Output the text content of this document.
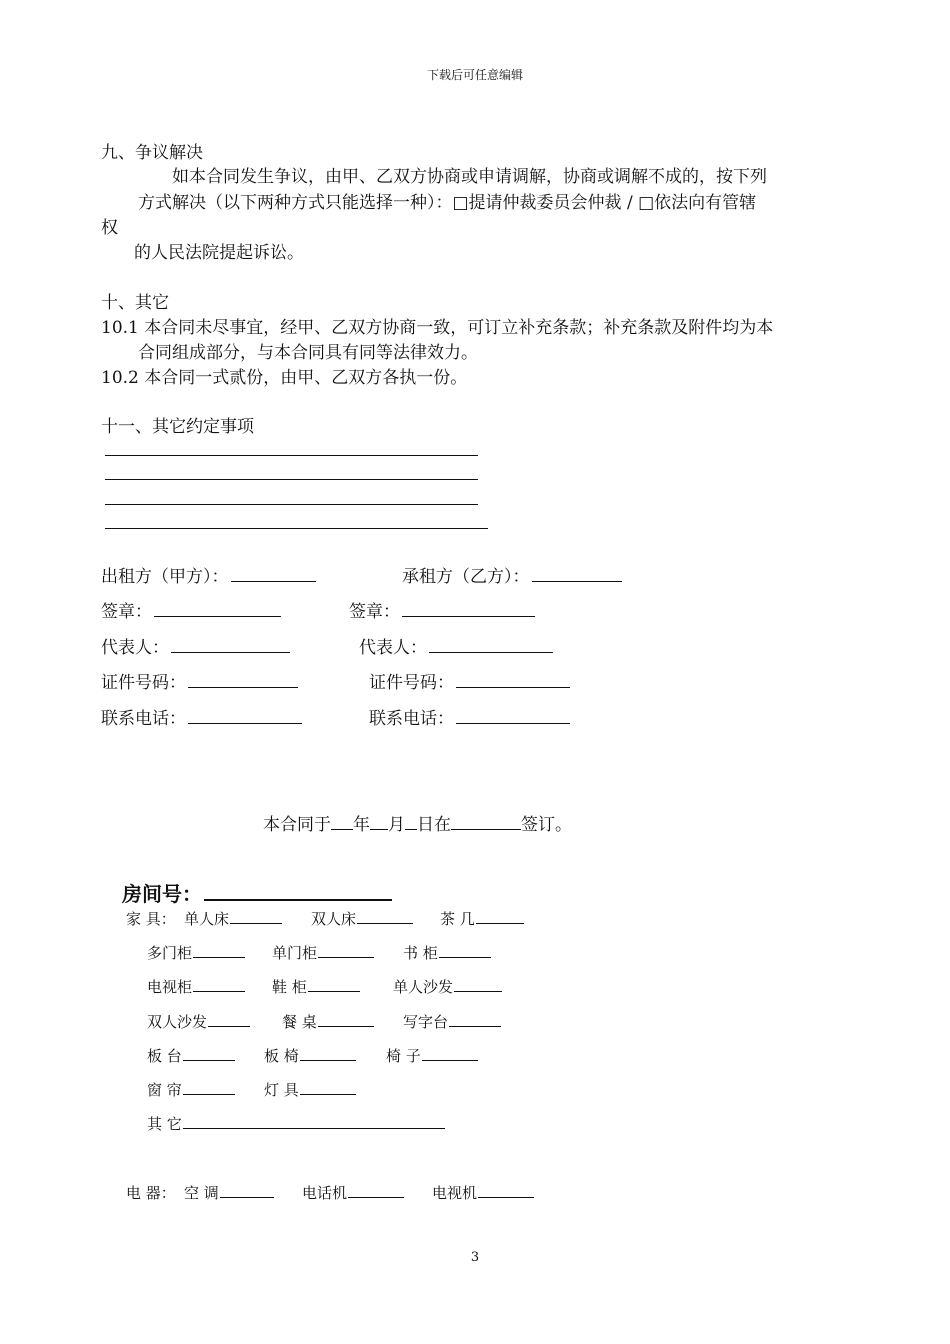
下载后可任意编辑
九、争议解决
如本合同发生争议，由甲、乙双方协商或申请调解，协商或调解不成的，按下列
方式解决（以下两种方式只能选择一种）：□提请仲裁委员会仲裁 / □依法向有管辖
权
的人民法院提起诉讼。
十、其它
10.1 本合同未尽事宜，经甲、乙双方协商一致，可订立补充条款；补充条款及附件均为本
合同组成部分，与本合同具有同等法律效力。
10.2 本合同一式贰份，由甲、乙双方各执一份。
十一、其它约定事项
出租方（甲方）：	承租方（乙方）：
签章：	签章：
代表人：	代表人：
证件号码：	证件号码：
联系电话：	联系电话：
本合同于 年 月 日在	签订。
房间号：
家 具： 单人床	双人床	茶 几
多门柜	单门柜	书 柜
电视柜	鞋 柜	单人沙发
双人沙发	餐 桌	写字台
板 台	板 椅	椅 子
窗 帘	灯 具
其 它
电 器： 空 调	电话机	电视机
3
